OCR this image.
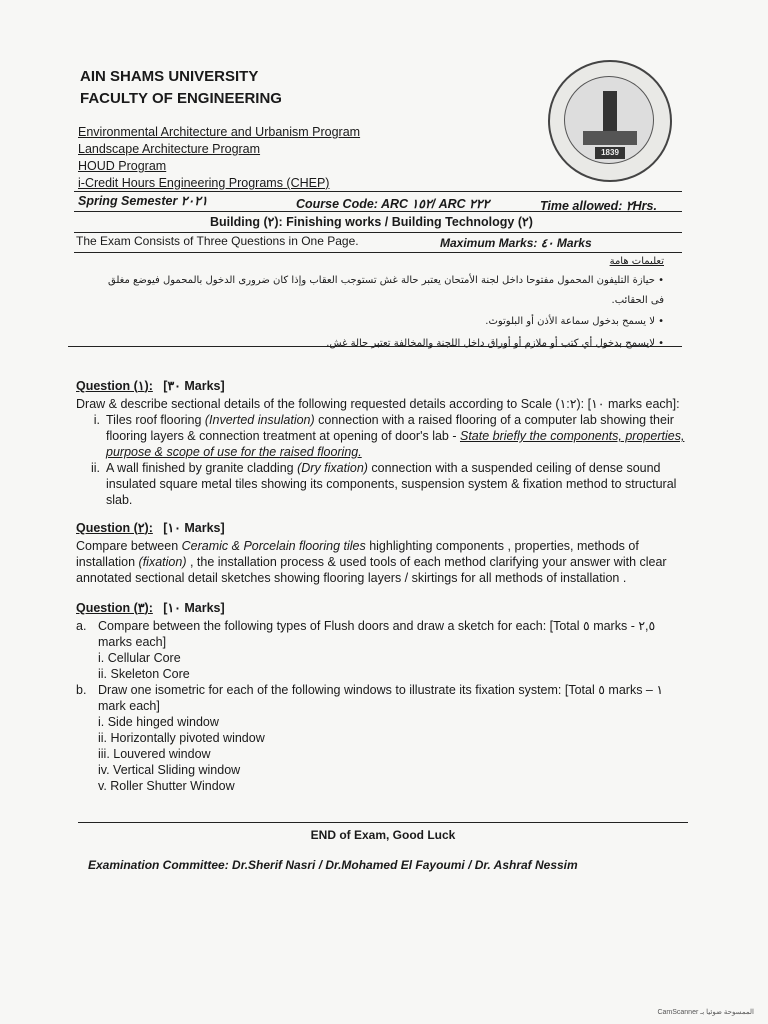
AIN SHAMS UNIVERSITY
FACULTY OF ENGINEERING
Environmental Architecture and Urbanism Program
Landscape Architecture Program
HOUD Program
i-Credit Hours Engineering Programs (CHEP)
1839
Spring Semester ٢٠٢١	Course Code: ARC ١٥٢/ ARC ٢٢٢	Time allowed: ٢Hrs.
Building (٢): Finishing works / Building Technology (٢)
The Exam Consists of Three Questions in One Page.	Maximum Marks: ٤٠ Marks
تعليمات هامة
• حيازة التليفون المحمول مفتوحا داخل لجنة الأمتحان يعتبر حالة غش تستوجب العقاب وإذا كان ضرورى الدخول بالمحمول فيوضع مغلق فى الحقائب.
• لا يسمح بدخول سماعة الأذن أو البلوتوث.
• لايسمح بدخول أي كتب أو ملازم أو أوراق داخل اللجنة والمخالفة تعتبر حالة غش.
Question (١): [٣٠ Marks]
Draw & describe sectional details of the following requested details according to Scale (١:٢): [١٠ marks each]:
i. Tiles roof flooring (Inverted insulation) connection with a raised flooring of a computer lab showing their flooring layers & connection treatment at opening of door's lab - State briefly the components, properties, purpose & scope of use for the raised flooring.
ii. A wall finished by granite cladding (Dry fixation) connection with a suspended ceiling of dense sound insulated square metal tiles showing its components, suspension system & fixation method to structural slab.
Question (٢): [١٠ Marks]
Compare between Ceramic & Porcelain flooring tiles highlighting components , properties, methods of installation (fixation) , the installation process & used tools of each method clarifying your answer with clear annotated sectional detail sketches showing flooring layers / skirtings for all methods of installation .
Question (٣): [١٠ Marks]
a. Compare between the following types of Flush doors and draw a sketch for each: [Total ٥ marks - ٢,٥ marks each]
i. Cellular Core
ii. Skeleton Core
b. Draw one isometric for each of the following windows to illustrate its fixation system: [Total ٥ marks – ١ mark each]
i. Side hinged window
ii. Horizontally pivoted window
iii. Louvered window
iv. Vertical Sliding window
v. Roller Shutter Window
END of Exam, Good Luck
Examination Committee: Dr.Sherif Nasri / Dr.Mohamed El Fayoumi / Dr. Ashraf Nessim
CamScanner الممسوحة ضوئيا بـ
